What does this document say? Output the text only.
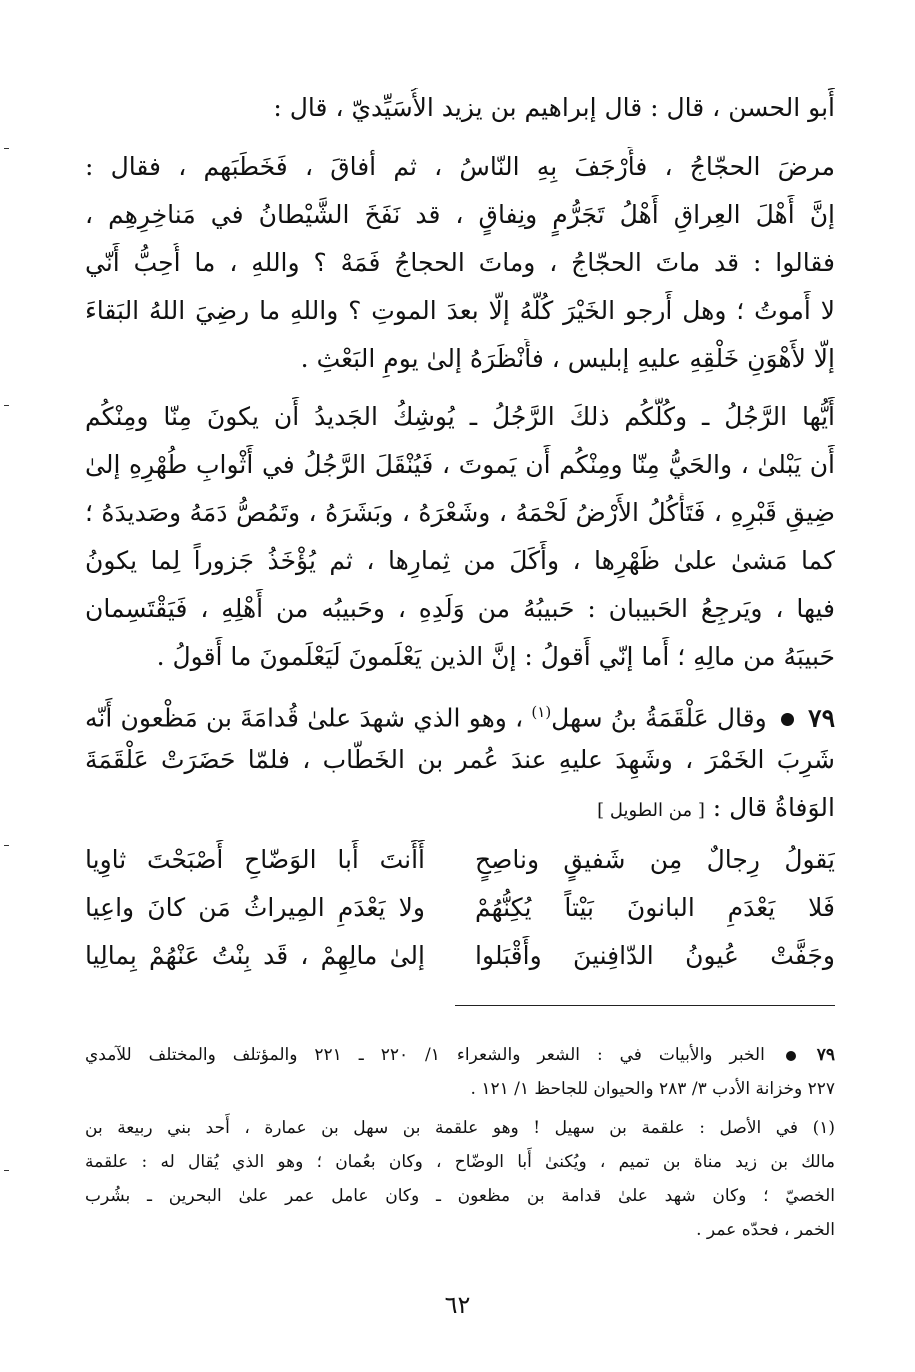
أَبو الحسن ، قال : قال إبراهيم بن يزيد الأُسَيِّديّ ، قال :
مرضَ الحجّاجُ ، فأَرْجَفَ بِهِ النّاسُ ، ثم أفاقَ ، فَخَطَبَهم ، فقال :
إنَّ أَهْلَ العِراقِ أَهْلُ تَجَرُّمٍ ونِفاقٍ ، قد نَفَخَ الشَّيْطانُ في مَناخِرِهِم ،
فقالوا : قد ماتَ الحجّاجُ ، وماتَ الحجاجُ فَمَهْ ؟ واللهِ ، ما أُحِبُّ أَنّي
لا أَموتُ ؛ وهل أَرجو الخَيْرَ كُلَّهُ إلّا بعدَ الموتِ ؟ واللهِ ما رضِيَ اللهُ البَقاءَ
إلّا لأَهْوَنِ خَلْقِهِ عليهِ إبليس ، فأَنْظَرَهُ إلىٰ يومِ البَعْثِ .
أَيُّها الرَّجُلُ ـ وكُلُّكُم ذلكَ الرَّجُلُ ـ يُوشِكُ الجَديدُ أَن يكونَ مِنّا ومِنْكُم
أَن يَبْلىٰ ، والحَيُّ مِنّا ومِنْكُم أَن يَموتَ ، فَيُنْقَلَ الرَّجُلُ في أَثْوابِ طُهْرِهِ إلىٰ
ضِيقِ قَبْرِهِ ، فَتَأْكُلُ الأَرْضُ لَحْمَهُ ، وشَعْرَهُ ، وبَشَرَهُ ، وتَمُصُّ دَمَهُ وصَديدَهُ ؛
كما مَشىٰ علىٰ ظَهْرِها ، وأَكَلَ من ثِمارِها ، ثم يُؤْخَذُ جَزوراً لِما يكونُ
فيها ، ويَرجِعُ الحَبيبان : حَبيبُهُ من وَلَدِهِ ، وحَبيبُه من أَهْلِهِ ، فَيَقْتَسِمان
حَبيبَهُ من مالِهِ ؛ أَما إنّي أَقولُ : إنَّ الذين يَعْلَمونَ لَيَعْلَمونَ ما أَقولُ .
٧٩  وقال عَلْقَمَةُ بنُ سهل$^{(١)}$ ، وهو الذي شهدَ علىٰ قُدامَةَ بن مَظْعون أَنّه
شَرِبَ الخَمْرَ ، وشَهِدَ عليهِ عندَ عُمر بن الخَطّاب ، فلمّا حَضَرَتْ عَلْقَمَةَ
الوَفاةُ قال : [ من الطويل ]
يَقولُ رِجالٌ مِن شَفيقٍ وناصِحٍ
أَأَنتَ أَبا الوَضّاحِ أَصْبَحْتَ ثاوِيا
فَلا يَعْدَمِ البانونَ بَيْتاً يُكِنُّهُمْ
ولا يَعْدَمِ المِيراثُ مَن كانَ واعِيا
وجَفَّتْ عُيونُ الدّافِنينَ وأَقْبَلوا
إلىٰ مالِهِمْ ، قَد بِنْتُ عَنْهُمْ بِمالِيا
٧٩  الخبر والأبيات في : الشعر والشعراء ١/ ٢٢٠ ـ ٢٢١ والمؤتلف والمختلف للآمدي
٢٢٧ وخزانة الأدب ٣/ ٢٨٣ والحيوان للجاحظ ١/ ١٢١ .
(١) في الأصل : علقمة بن سهيل ! وهو علقمة بن سهل بن عمارة ، أَحد بني ربيعة بن
مالك بن زيد مناة بن تميم ، ويُكنىٰ أَبا الوضّاح ، وكان بعُمان ؛ وهو الذي يُقال له : علقمة
الخصيّ ؛ وكان شهد علىٰ قدامة بن مظعون ـ وكان عامل عمر علىٰ البحرين ـ بشُرب
الخمر ، فحدّه عمر .
٦٢
